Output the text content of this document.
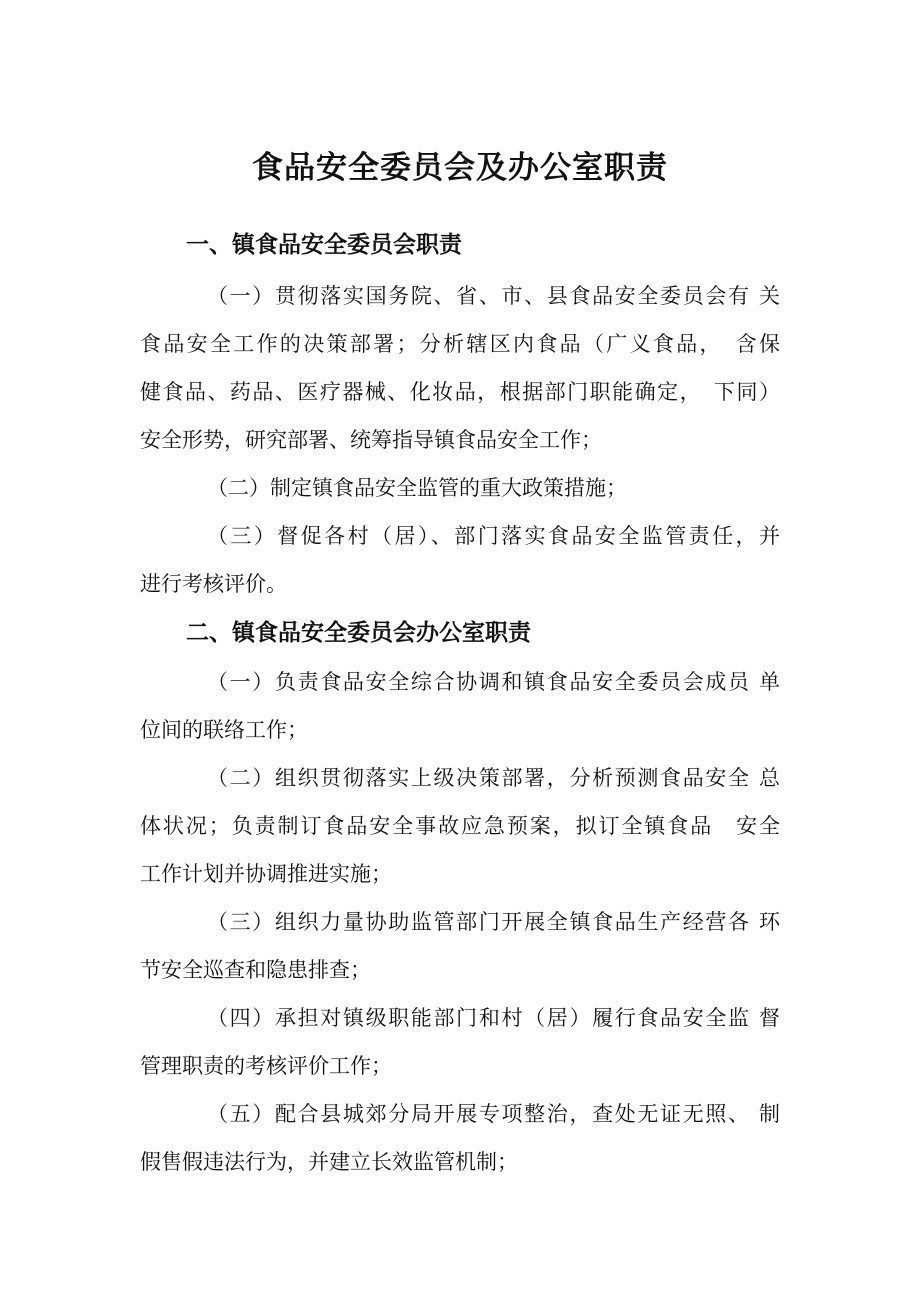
食品安全委员会及办公室职责
一、镇食品安全委员会职责
（一）贯彻落实国务院、省、市、县食品安全委员会有 关
食品安全工作的决策部署；分析辖区内食品（广义食品，　含保
健食品、药品、医疗器械、化妆品，根据部门职能确定，　下同）
安全形势，研究部署、统筹指导镇食品安全工作；
（二）制定镇食品安全监管的重大政策措施；
（三）督促各村（居）、部门落实食品安全监管责任，并
进行考核评价。
二、镇食品安全委员会办公室职责
（一）负责食品安全综合协调和镇食品安全委员会成员 单
位间的联络工作；
（二）组织贯彻落实上级决策部署，分析预测食品安全 总
体状况；负责制订食品安全事故应急预案，拟订全镇食品　安全
工作计划并协调推进实施；
（三）组织力量协助监管部门开展全镇食品生产经营各 环
节安全巡查和隐患排查；
（四）承担对镇级职能部门和村（居）履行食品安全监 督
管理职责的考核评价工作；
（五）配合县城郊分局开展专项整治，查处无证无照、 制
假售假违法行为，并建立长效监管机制；
